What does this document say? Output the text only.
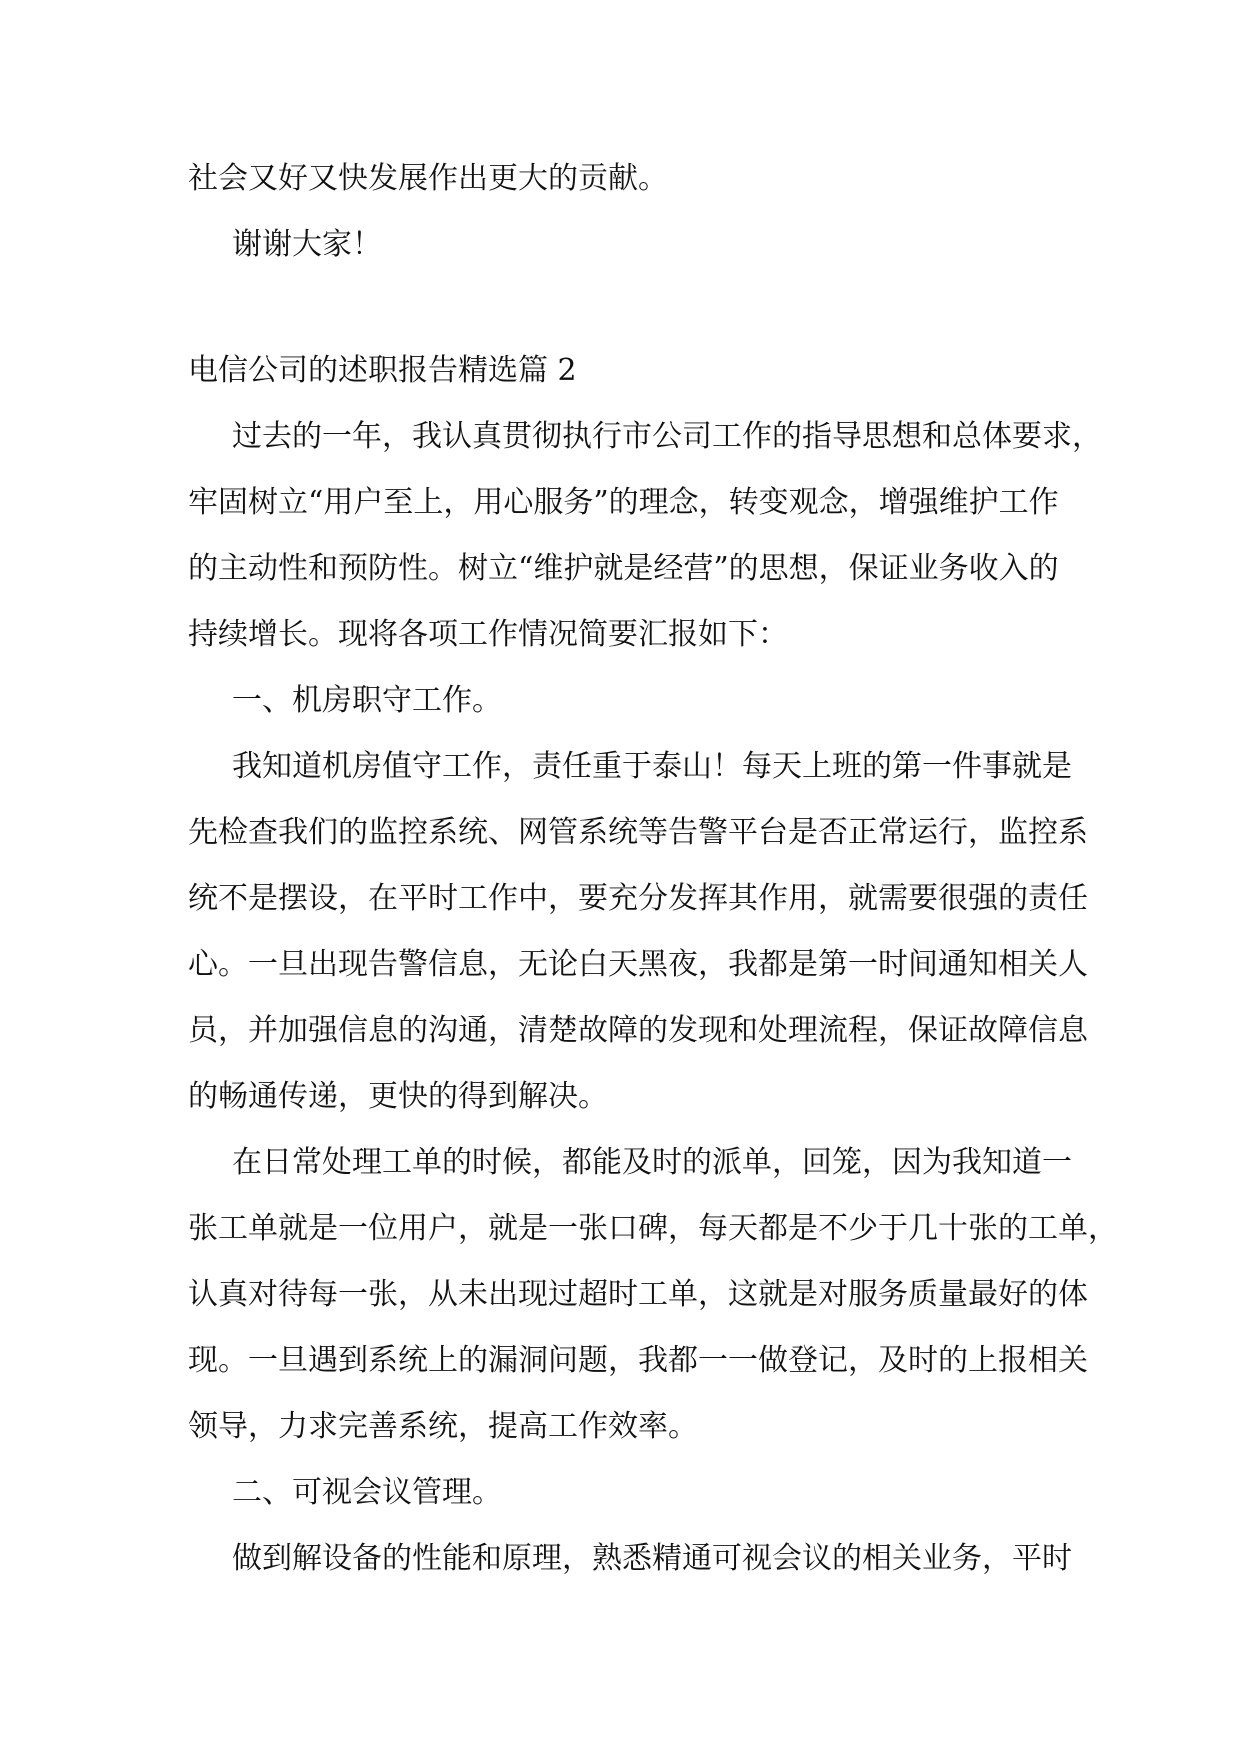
社会又好又快发展作出更大的贡献。
谢谢大家！
电信公司的述职报告精选篇 2
过去的一年，我认真贯彻执行市公司工作的指导思想和总体要求，
牢固树立“用户至上，用心服务”的理念，转变观念，增强维护工作
的主动性和预防性。树立“维护就是经营”的思想，保证业务收入的
持续增长。现将各项工作情况简要汇报如下：
一、机房职守工作。
我知道机房值守工作，责任重于泰山！每天上班的第一件事就是
先检查我们的监控系统、网管系统等告警平台是否正常运行，监控系
统不是摆设，在平时工作中，要充分发挥其作用，就需要很强的责任
心。一旦出现告警信息，无论白天黑夜，我都是第一时间通知相关人
员，并加强信息的沟通，清楚故障的发现和处理流程，保证故障信息
的畅通传递，更快的得到解决。
在日常处理工单的时候，都能及时的派单，回笼，因为我知道一
张工单就是一位用户，就是一张口碑，每天都是不少于几十张的工单，
认真对待每一张，从未出现过超时工单，这就是对服务质量最好的体
现。一旦遇到系统上的漏洞问题，我都一一做登记，及时的上报相关
领导，力求完善系统，提高工作效率。
二、可视会议管理。
做到解设备的性能和原理，熟悉精通可视会议的相关业务，平时
